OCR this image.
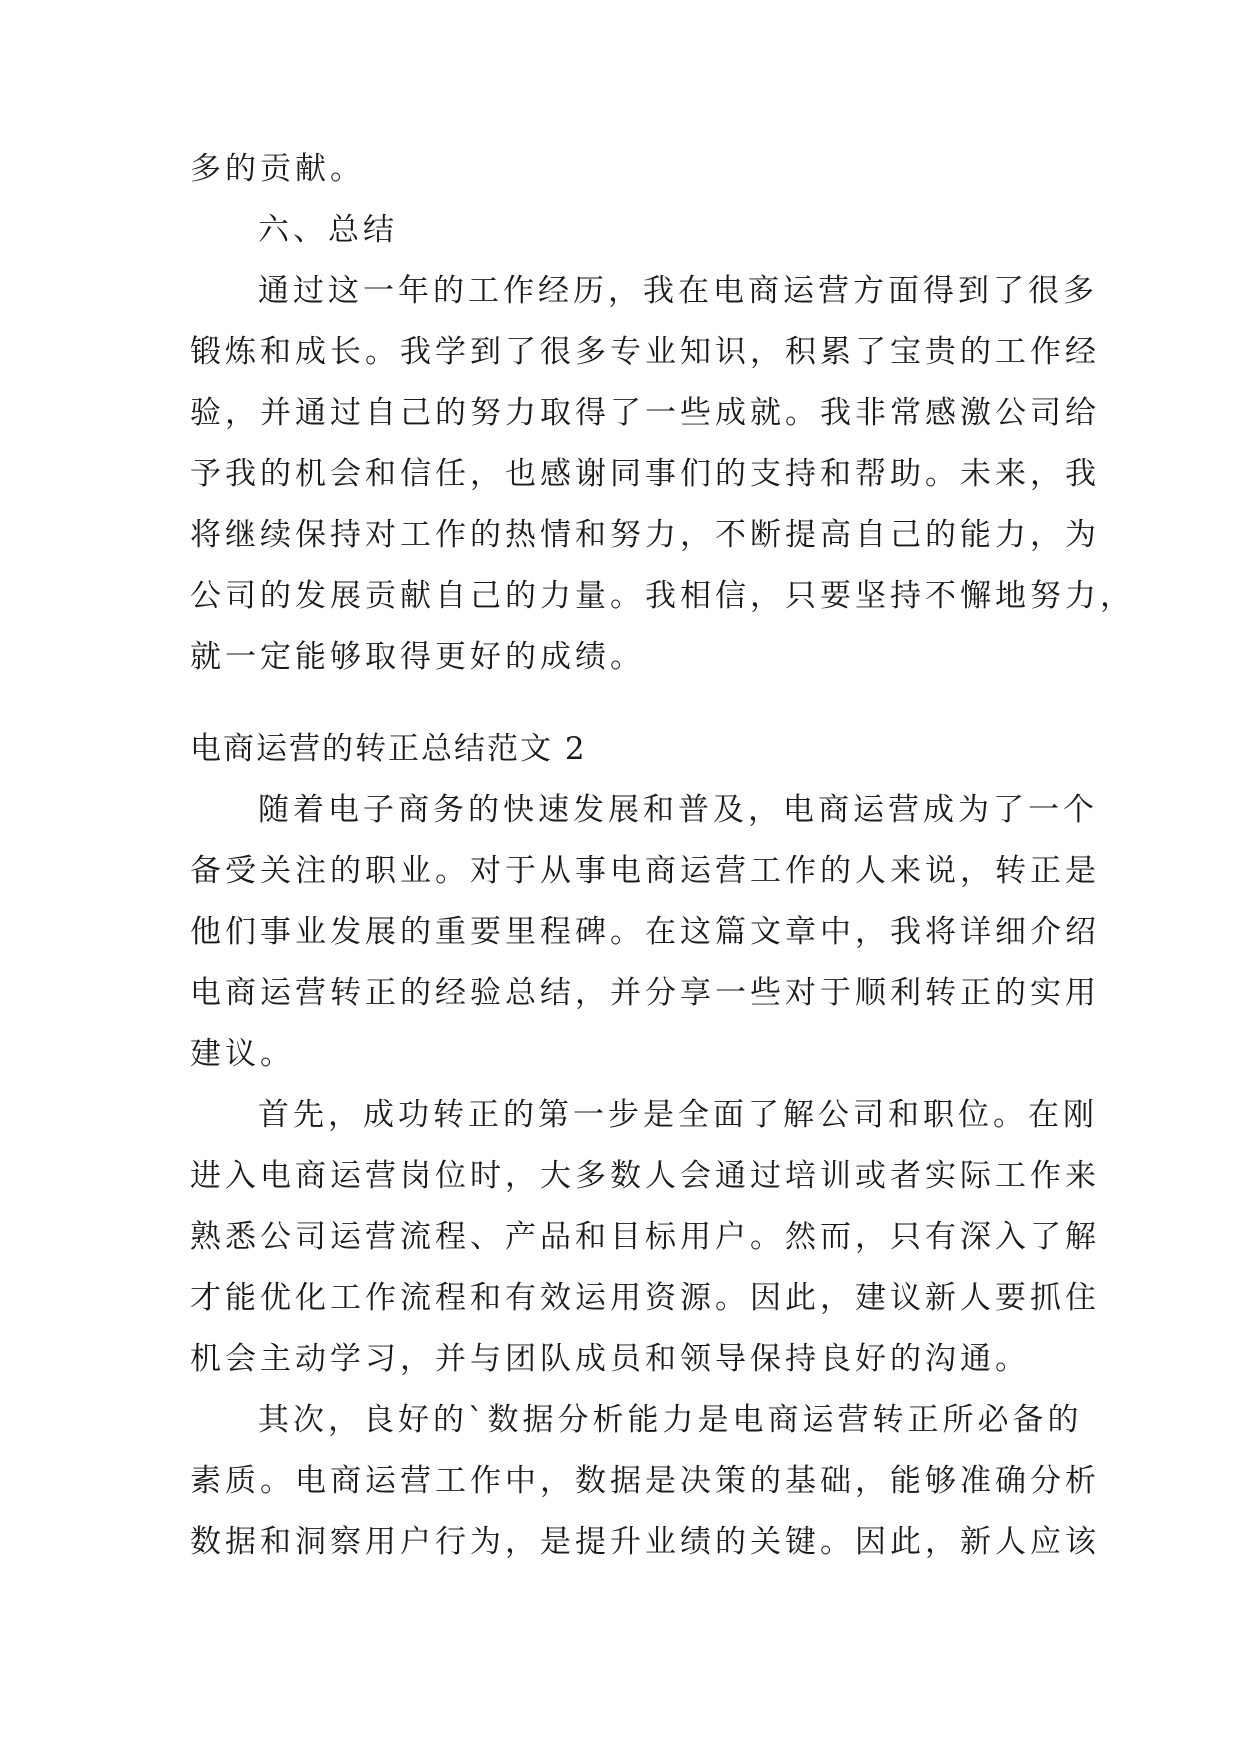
多的贡献。
六、总结
通过这一年的工作经历，我在电商运营方面得到了很多
锻炼和成长。我学到了很多专业知识，积累了宝贵的工作经
验，并通过自己的努力取得了一些成就。我非常感激公司给
予我的机会和信任，也感谢同事们的支持和帮助。未来，我
将继续保持对工作的热情和努力，不断提高自己的能力，为
公司的发展贡献自己的力量。我相信，只要坚持不懈地努力，
就一定能够取得更好的成绩。
电商运营的转正总结范文 2
随着电子商务的快速发展和普及，电商运营成为了一个
备受关注的职业。对于从事电商运营工作的人来说，转正是
他们事业发展的重要里程碑。在这篇文章中，我将详细介绍
电商运营转正的经验总结，并分享一些对于顺利转正的实用
建议。
首先，成功转正的第一步是全面了解公司和职位。在刚
进入电商运营岗位时，大多数人会通过培训或者实际工作来
熟悉公司运营流程、产品和目标用户。然而，只有深入了解
才能优化工作流程和有效运用资源。因此，建议新人要抓住
机会主动学习，并与团队成员和领导保持良好的沟通。
其次，良好的`数据分析能力是电商运营转正所必备的
素质。电商运营工作中，数据是决策的基础，能够准确分析
数据和洞察用户行为，是提升业绩的关键。因此，新人应该
